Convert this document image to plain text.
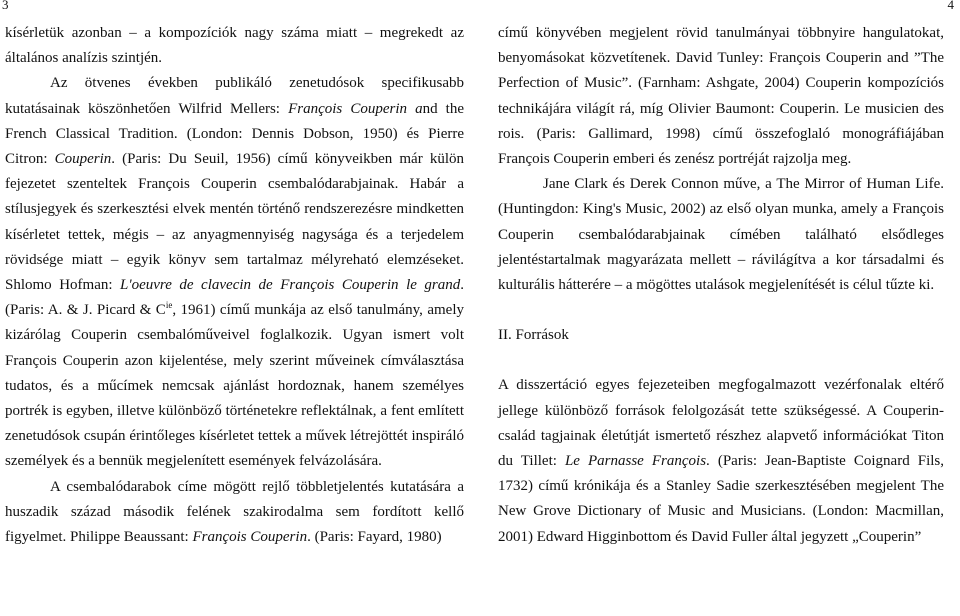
3

kísérletük azonban – a kompozíciók nagy száma miatt – megrekedt az általános analízis szintjén.

Az ötvenes években publikáló zenetudósok specifikusabb kutatásainak köszönhetően Wilfrid Mellers: François Couperin and the French Classical Tradition. (London: Dennis Dobson, 1950) és Pierre Citron: Couperin. (Paris: Du Seuil, 1956) című könyveikben már külön fejezetet szenteltek François Couperin csembalódarabjainak. Habár a stílusjegyek és szerkesztési elvek mentén történő rendszerezésre mindketten kísérletet tettek, mégis – az anyagmennyiség nagysága és a terjedelem rövidsége miatt – egyik könyv sem tartalmaz mélyreható elemzéseket. Shlomo Hofman: L'oeuvre de clavecin de François Couperin le grand. (Paris: A. & J. Picard & $C^{ie}$, 1961) című munkája az első tanulmány, amely kizárólag Couperin csembalóműveivel foglalkozik. Ugyan ismert volt François Couperin azon kijelentése, mely szerint műveinek címválasztása tudatos, és a műcímek nemcsak ajánlást hordoznak, hanem személyes portrék is egyben, illetve különböző történetekre reflektálnak, a fent említett zenetudósok csupán érintőleges kísérletet tettek a művek létrejöttét inspiráló személyek és a bennük megjelenített események felvázolására.

A csembalódarabok címe mögött rejlő többletjelentés kutatására a huszadik század második felének szakirodalma sem fordított kellő figyelmet. Philippe Beaussant: François Couperin. (Paris: Fayard, 1980)

4

című könyvében megjelent rövid tanulmányai többnyire hangulatokat, benyomásokat közvetítenek. David Tunley: François Couperin and ”The Perfection of Music”. (Farnham: Ashgate, 2004) Couperin kompozíciós technikájára világít rá, míg Olivier Baumont: Couperin. Le musicien des rois. (Paris: Gallimard, 1998) című összefoglaló monográfiájában François Couperin emberi és zenész portréját rajzolja meg.

Jane Clark és Derek Connon műve, a The Mirror of Human Life. (Huntingdon: King's Music, 2002) az első olyan munka, amely a François Couperin csembalódarabjainak címében található elsődleges jelentéstartalmak magyarázata mellett – rávilágítva a kor társadalmi és kulturális hátterére – a mögöttes utalások megjelenítését is célul tűzte ki.

II. Források

A disszertáció egyes fejezeteiben megfogalmazott vezérfonalak eltérő jellege különböző források felolgozását tette szükségessé. A Couperin-család tagjainak életútját ismertető részhez alapvető információkat Titon du Tillet: Le Parnasse François. (Paris: Jean-Baptiste Coignard Fils, 1732) című krónikája és a Stanley Sadie szerkesztésében megjelent The New Grove Dictionary of Music and Musicians. (London: Macmillan, 2001) Edward Higginbottom és David Fuller által jegyzett „Couperin”
